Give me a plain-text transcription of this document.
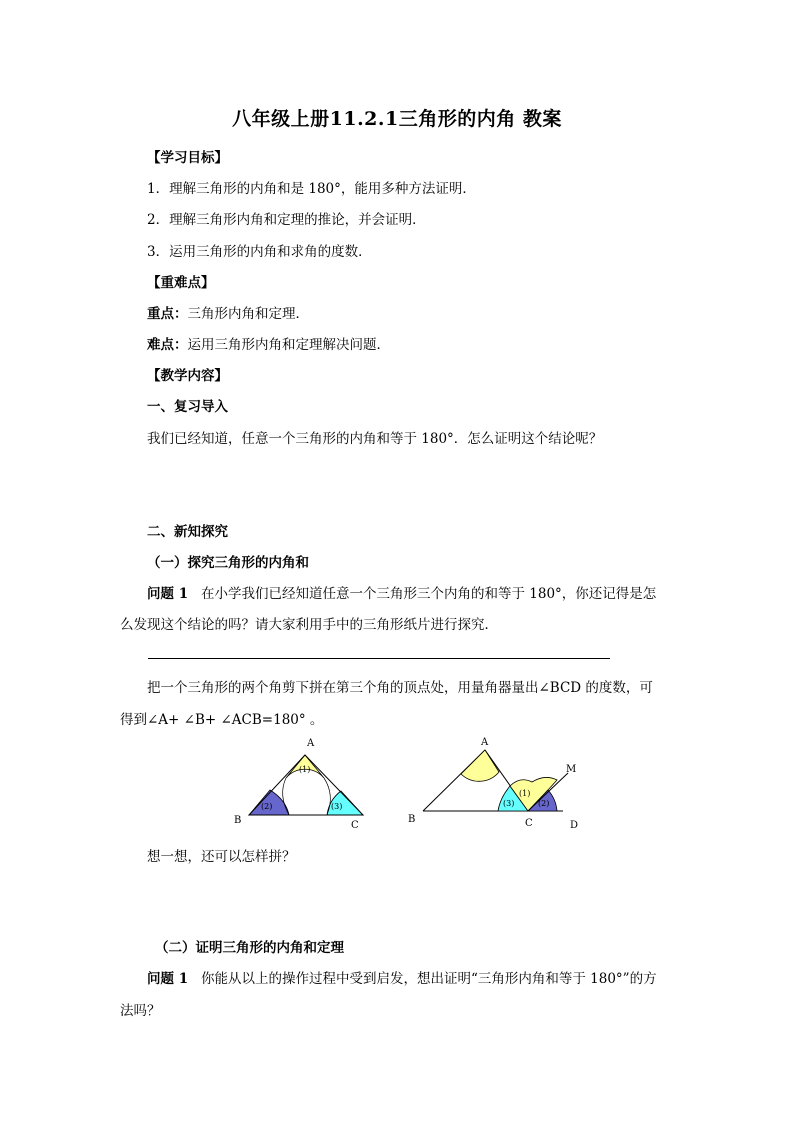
八年级上册11.2.1三角形的内角 教案
【学习目标】
1．理解三角形的内角和是 180°，能用多种方法证明．
2．理解三角形内角和定理的推论，并会证明．
3．运用三角形的内角和求角的度数．
【重难点】
重点：三角形内角和定理．
难点：运用三角形内角和定理解决问题．
【教学内容】
一、复习导入
我们已经知道，任意一个三角形的内角和等于 180°．怎么证明这个结论呢？
二、新知探究
（一）探究三角形的内角和
问题 1 在小学我们已经知道任意一个三角形三个内角的和等于 180°，你还记得是怎
么发现这个结论的吗？请大家利用手中的三角形纸片进行探究．
把一个三角形的两个角剪下拼在第三个角的顶点处，用量角器量出∠BCD 的度数，可
得到∠A+ ∠B+ ∠ACB=180° 。
A
B	C
(1)
(2)	(3)
A
B	C	D
M
(1)
(2)
(3)
想一想，还可以怎样拼？
（二）证明三角形的内角和定理
问题 1 你能从以上的操作过程中受到启发，想出证明“三角形内角和等于 180°”的方
法吗？
